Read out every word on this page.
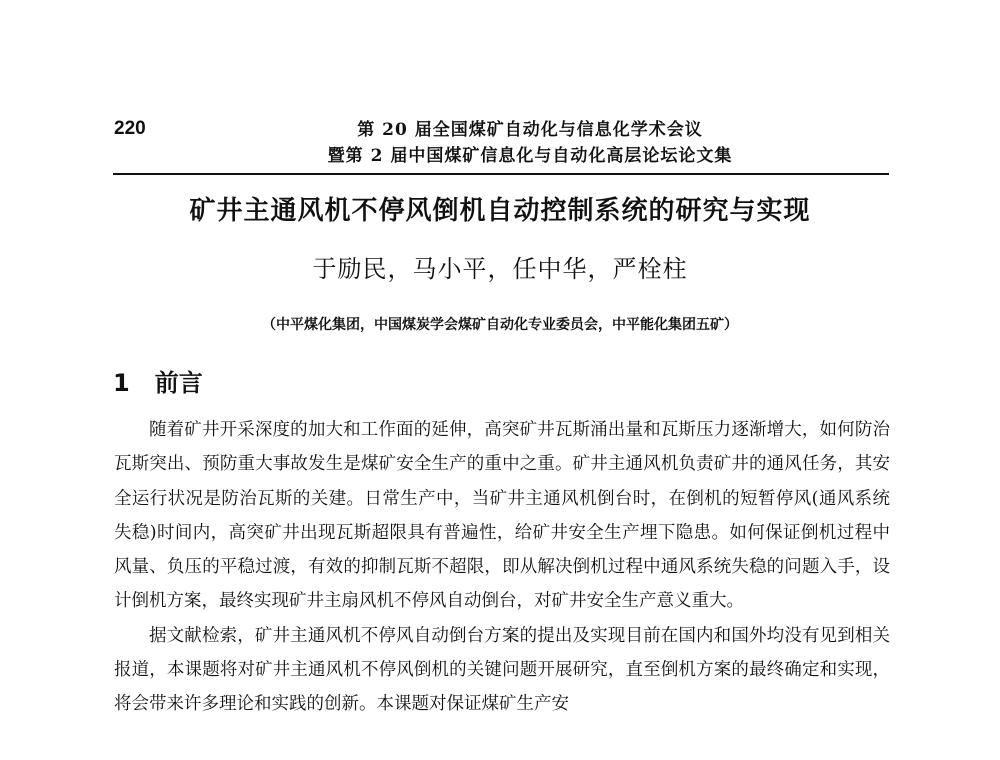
220	第 20 届全国煤矿自动化与信息化学术会议
暨第 2 届中国煤矿信息化与自动化高层论坛论文集
矿井主通风机不停风倒机自动控制系统的研究与实现
于励民，马小平，任中华，严栓柱
（中平煤化集团，中国煤炭学会煤矿自动化专业委员会，中平能化集团五矿）
1 前言

随着矿井开采深度的加大和工作面的延伸，高突矿井瓦斯涌出量和瓦斯压力逐渐增大，如何防治瓦斯突出、预防重大事故发生是煤矿安全生产的重中之重。矿井主通风机负责矿井的通风任务，其安全运行状况是防治瓦斯的关建。日常生产中，当矿井主通风机倒台时，在倒机的短暂停风(通风系统失稳)时间内，高突矿井出现瓦斯超限具有普遍性，给矿井安全生产埋下隐患。如何保证倒机过程中风量、负压的平稳过渡，有效的抑制瓦斯不超限，即从解决倒机过程中通风系统失稳的问题入手，设计倒机方案，最终实现矿井主扇风机不停风自动倒台，对矿井安全生产意义重大。

据文献检索，矿井主通风机不停风自动倒台方案的提出及实现目前在国内和国外均没有见到相关报道，本课题将对矿井主通风机不停风倒机的关键问题开展研究，直至倒机方案的最终确定和实现，将会带来许多理论和实践的创新。本课题对保证煤矿生产安
